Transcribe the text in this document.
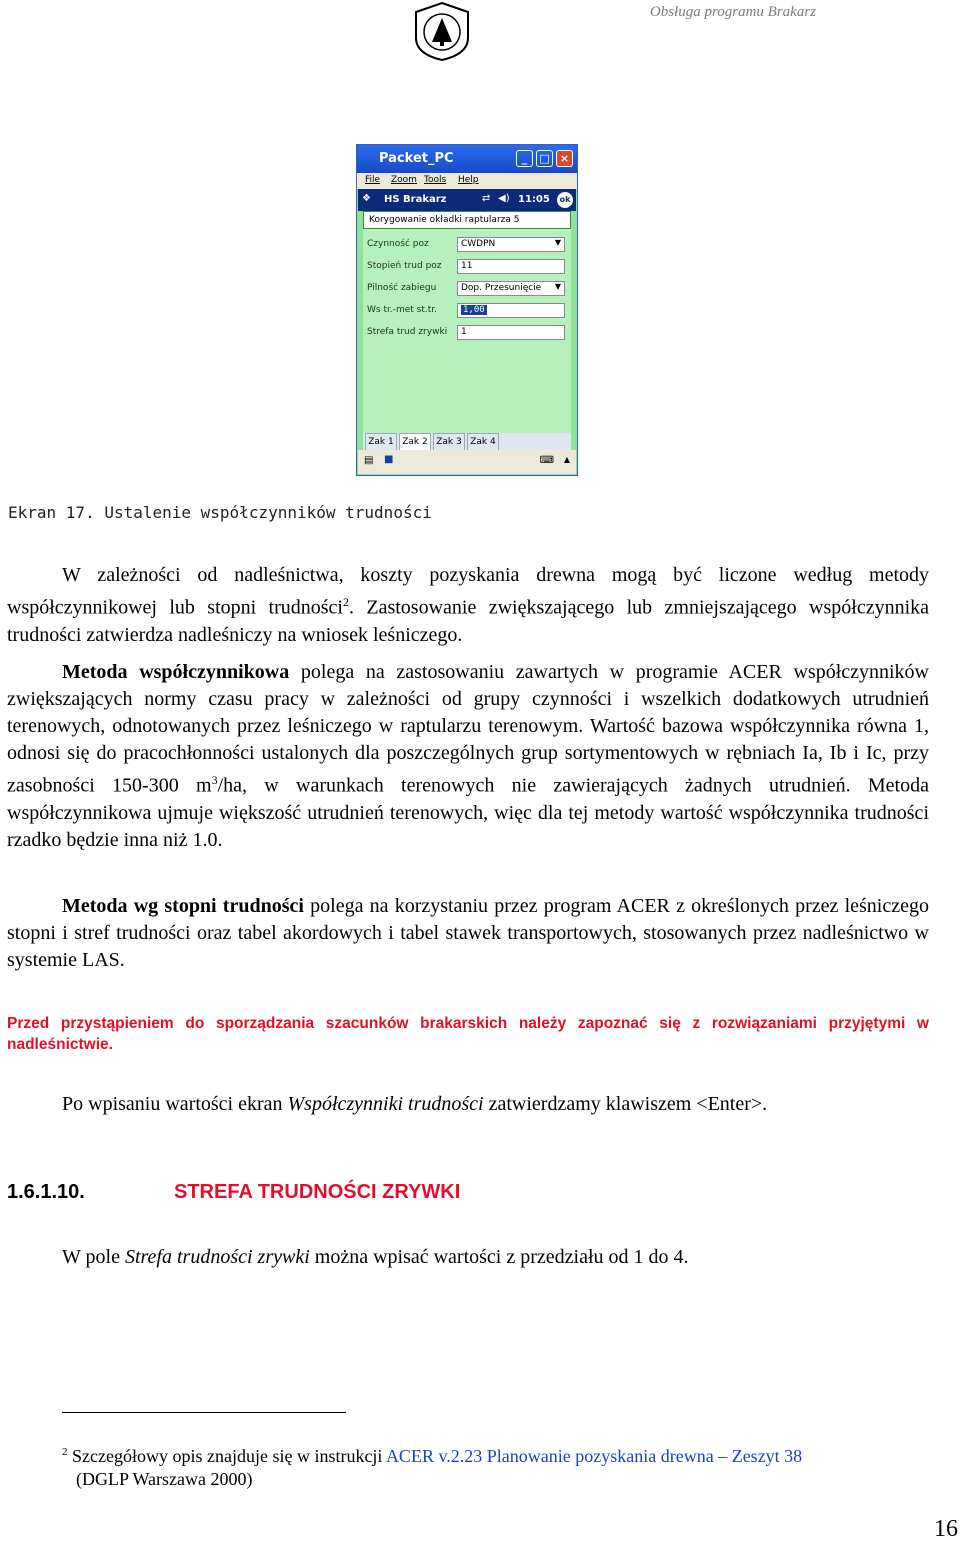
Obsługa programu Brakarz
Packet_PC	_	□ ×
File Zoom Tools Help
❖ HS Brakarz	⇄ ◀) 11:05	ok
Korygowanie okładki raptularza 5
Czynność poz	CWDPN	▼
Stopień trud poz	11
Pilność zabiegu	Dop. Przesunięcie ▼
Ws tr.-met st.tr.	1,00
Strefa trud zrywki	1
Zak 1 Zak 2 Zak 3 Zak 4
▤ ■	⌨ ▲
Ekran 17. Ustalenie współczynników trudności
W zależności od nadleśnictwa, koszty pozyskania drewna mogą być liczone według metody współczynnikowej lub stopni trudności$^2$. Zastosowanie zwiększającego lub zmniejszającego współczynnika trudności zatwierdza nadleśniczy na wniosek leśniczego.
Metoda współczynnikowa polega na zastosowaniu zawartych w programie ACER współczynników zwiększających normy czasu pracy w zależności od grupy czynności i wszelkich dodatkowych utrudnień terenowych, odnotowanych przez leśniczego w raptularzu terenowym. Wartość bazowa współczynnika równa 1, odnosi się do pracochłonności ustalonych dla poszczególnych grup sortymentowych w rębniach Ia, Ib i Ic, przy zasobności 150-300 $m^3/ha$, w warunkach terenowych nie zawierających żadnych utrudnień. Metoda współczynnikowa ujmuje większość utrudnień terenowych, więc dla tej metody wartość współczynnika trudności rzadko będzie inna niż 1.0.
Metoda wg stopni trudności polega na korzystaniu przez program ACER z określonych przez leśniczego stopni i stref trudności oraz tabel akordowych i tabel stawek transportowych, stosowanych przez nadleśnictwo w systemie LAS.
Przed przystąpieniem do sporządzania szacunków brakarskich należy zapoznać się z rozwiązaniami przyjętymi w nadleśnictwie.
Po wpisaniu wartości ekran Współczynniki trudności zatwierdzamy klawiszem <Enter>.
1.6.1.10.	STREFA TRUDNOŚCI ZRYWKI
W pole Strefa trudności zrywki można wpisać wartości z przedziału od 1 do 4.
$^2$ Szczegółowy opis znajduje się w instrukcji ACER v.2.23 Planowanie pozyskania drewna – Zeszyt 38
(DGLP Warszawa 2000)
16
